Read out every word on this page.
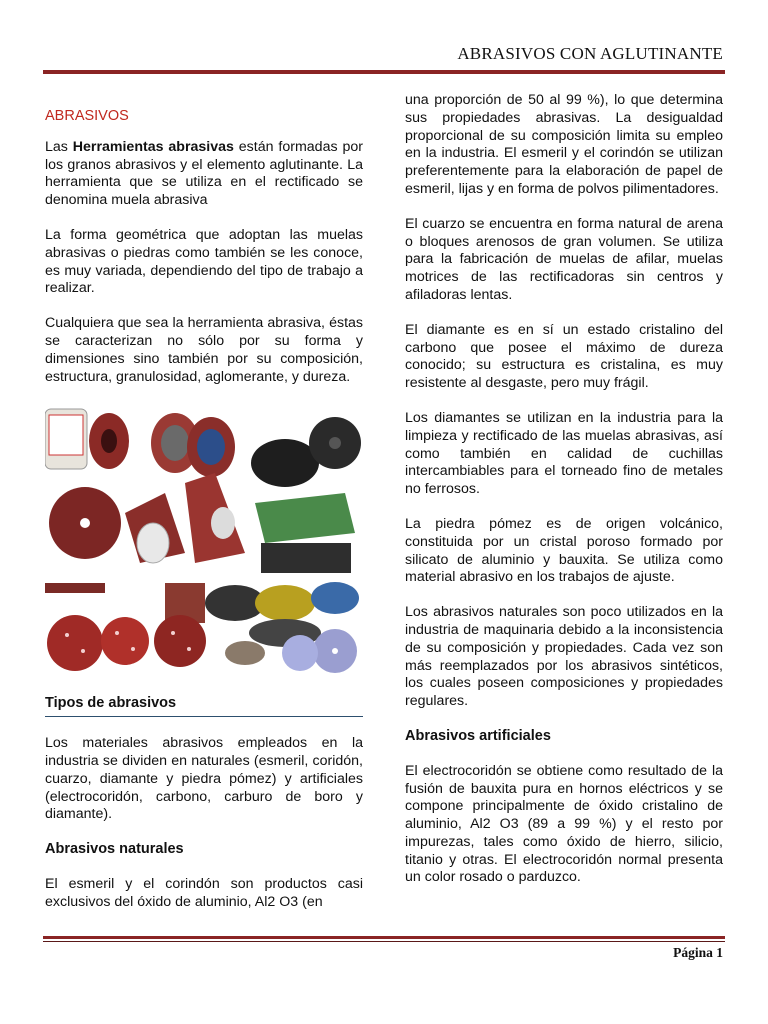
ABRASIVOS CON AGLUTINANTE
ABRASIVOS

Las Herramientas abrasivas están formadas por los granos abrasivos y el elemento aglutinante. La herramienta que se utiliza en el rectificado se denomina muela abrasiva

La forma geométrica que adoptan las muelas abrasivas o piedras como también se les conoce, es muy variada, dependiendo del tipo de trabajo a realizar.

Cualquiera que sea la herramienta abrasiva, éstas se caracterizan no sólo por su forma y dimensiones sino también por su composición, estructura, granulosidad, aglomerante, y dureza.

Tipos de abrasivos

Los materiales abrasivos empleados en la industria se dividen en naturales (esmeril, coridón, cuarzo, diamante y piedra pómez) y artificiales (electrocoridón, carbono, carburo de boro y diamante).

Abrasivos naturales

El esmeril y el corindón son productos casi exclusivos del óxido de aluminio, Al2 O3 (en

una proporción de 50 al 99 %), lo que determina sus propiedades abrasivas. La desigualdad proporcional de su composición limita su empleo en la industria. El esmeril y el corindón se utilizan preferentemente para la elaboración de papel de esmeril, lijas y en forma de polvos pilimentadores.

El cuarzo se encuentra en forma natural de arena o bloques arenosos de gran volumen. Se utiliza para la fabricación de muelas de afilar, muelas motrices de las rectificadoras sin centros y afiladoras lentas.

El diamante es en sí un estado cristalino del carbono que posee el máximo de dureza conocido; su estructura es cristalina, es muy resistente al desgaste, pero muy frágil.

Los diamantes se utilizan en la industria para la limpieza y rectificado de las muelas abrasivas, así como también en calidad de cuchillas intercambiables para el torneado fino de metales no ferrosos.

La piedra pómez es de origen volcánico, constituida por un cristal poroso formado por silicato de aluminio y bauxita. Se utiliza como material abrasivo en los trabajos de ajuste.

Los abrasivos naturales son poco utilizados en la industria de maquinaria debido a la inconsistencia de su composición y propiedades. Cada vez son más reemplazados por los abrasivos sintéticos, los cuales poseen composiciones y propiedades regulares.

Abrasivos artificiales

El electrocoridón se obtiene como resultado de la fusión de bauxita pura en hornos eléctricos y se compone principalmente de óxido cristalino de aluminio, Al2 O3 (89 a 99 %) y el resto por impurezas, tales como óxido de hierro, silicio, titanio y otras. El electrocoridón normal presenta un color rosado o parduzco.

Página 1
